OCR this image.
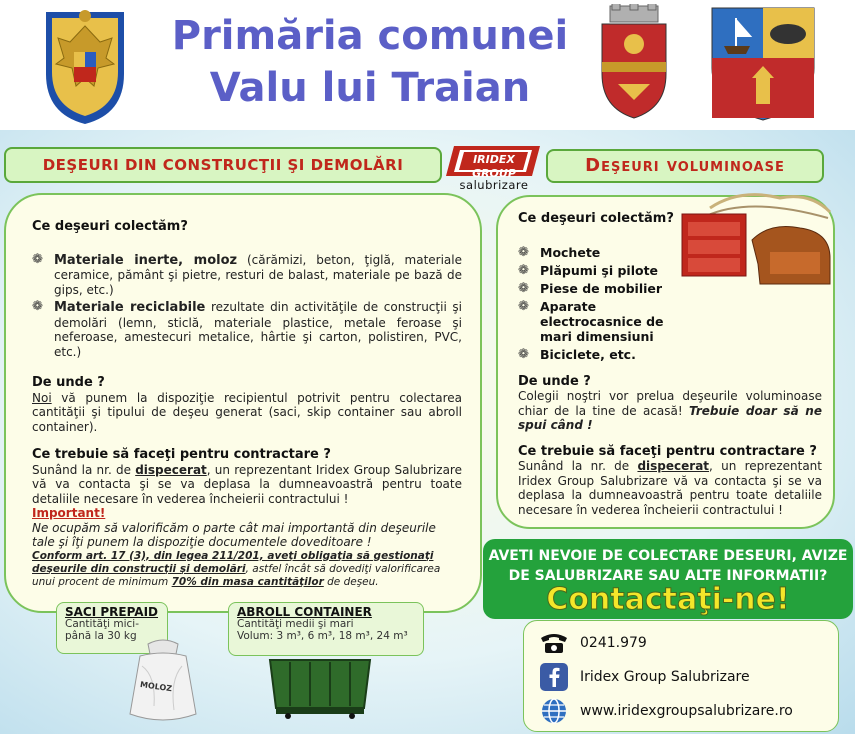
Primăria comunei
Valu lui Traian
DEŞEURI DIN CONSTRUCŢII ŞI DEMOLĂRI	IRIDEX GROUP
salubrizare
Deşeuri voluminoase
Ce deşeuri colectăm?
❁ Materiale inerte, moloz (cărămizi, beton, ţiglă, materiale ceramice, pământ şi pietre, resturi de balast, materiale pe bază de gips, etc.)
❁ Materiale reciclabile rezultate din activităţile de construcţii şi demolări (lemn, sticlă, materiale plastice, metale feroase şi neferoase, amestecuri metalice, hârtie şi carton, polistiren, PVC, etc.)
De unde ?
Noi vă punem la dispoziţie recipientul potrivit pentru colectarea cantităţii şi tipului de deşeu generat (saci, skip container sau abroll container).
Ce trebuie să faceţi pentru contractare ?
Sunând la nr. de dispecerat, un reprezentant Iridex Group Salubrizare vă va contacta şi se va deplasa la dumneavoastră pentru toate detaliile necesare în vederea încheierii contractului !
Important!
Ne ocupăm să valorificăm o parte cât mai importantă din deşeurile tale şi îţi punem la dispoziţie documentele doveditoare !
Conform art. 17 (3), din legea 211/201, aveţi obligaţia să gestionaţi deşeurile din construcţii şi demolări, astfel încât să dovediţi valorificarea unui procent de minimum 70% din masa cantităţilor de deşeu.
SACI PREPAID
Cantităţi mici-
până la 30 kg
MOLOZ
ABROLL CONTAINER
Cantităţi medii şi mari
Volum: 3 m³, 6 m³, 18 m³, 24 m³
Ce deşeuri colectăm?
❁ Mochete
❁ Plăpumi şi pilote
❁ Piese de mobilier
❁ Aparate electrocasnice de mari dimensiuni
❁ Biciclete, etc.
De unde ?
Colegii noştri vor prelua deşeurile voluminoase chiar de la tine de acasă! Trebuie doar să ne spui când !
Ce trebuie să faceţi pentru contractare ?
Sunând la nr. de dispecerat, un reprezentant Iridex Group Salubrizare vă va contacta şi se va deplasa la dumneavoastră pentru toate detaliile necesare în vederea încheierii contractului !
AVETI NEVOIE DE COLECTARE DESEURI, AVIZE
DE SALUBRIZARE SAU ALTE INFORMATII?
Contactaţi-ne!
0241.979
Iridex Group Salubrizare
www.iridexgroupsalubrizare.ro
